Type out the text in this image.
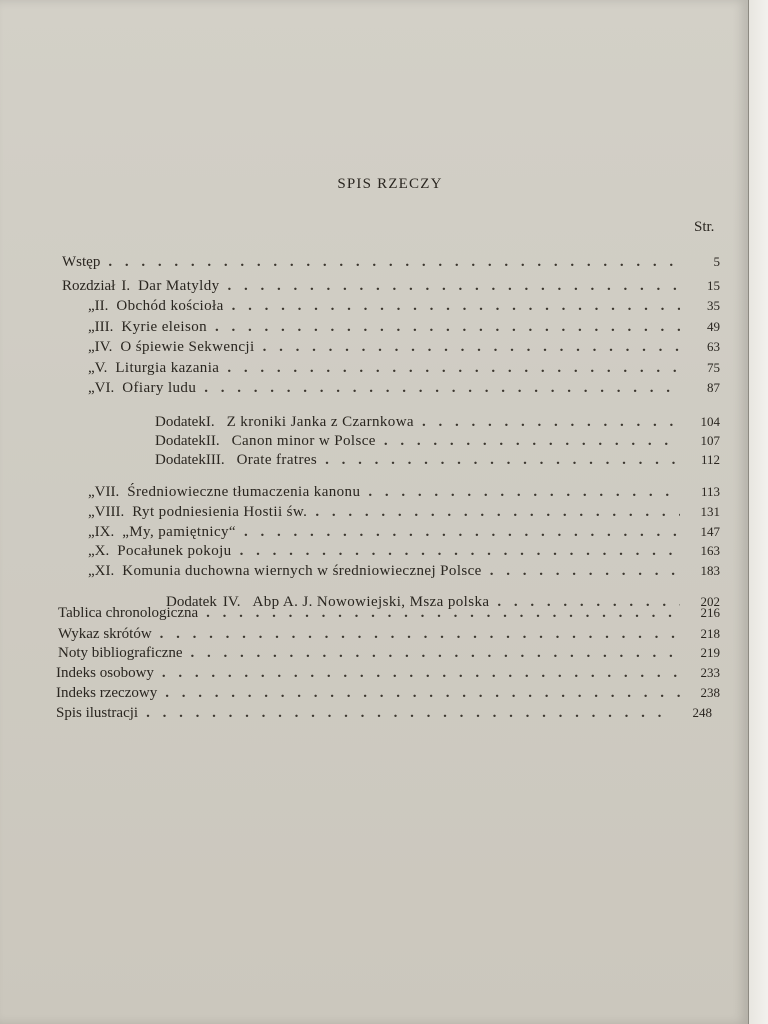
SPIS RZECZY
Str.
Wstęp . . .	5
Rozdział I. Dar Matyldy . . .	15
„ II. Obchód kościoła . . .	35
„ III. Kyrie eleison . . .	49
„ IV. O śpiewie Sekwencji . . .	63
„ V. Liturgia kazania . . .	75
„ VI. Ofiary ludu . . .	87
Dodatek I. Z kroniki Janka z Czarnkowa . . .	104
Dodatek II. Canon minor w Polsce . . .	107
Dodatek III. Orate fratres . . .	112
„ VII. Średniowieczne tłumaczenia kanonu . . .	113
„ VIII. Ryt podniesienia Hostii św. . . .	131
„ IX. „My, pamiętnicy“ . . .	147
„ X. Pocałunek pokoju . . .	163
„ XI. Komunia duchowna wiernych w średniowiecznej Polsce . . .	183
Dodatek IV. Abp A. J. Nowowiejski, Msza polska . . .	202
Tablica chronologiczna . . .	216
Wykaz skrótów . . .	218
Noty bibliograficzne . . .	219
Indeks osobowy . . .	233
Indeks rzeczowy . . .	238
Spis ilustracji . . .	248
